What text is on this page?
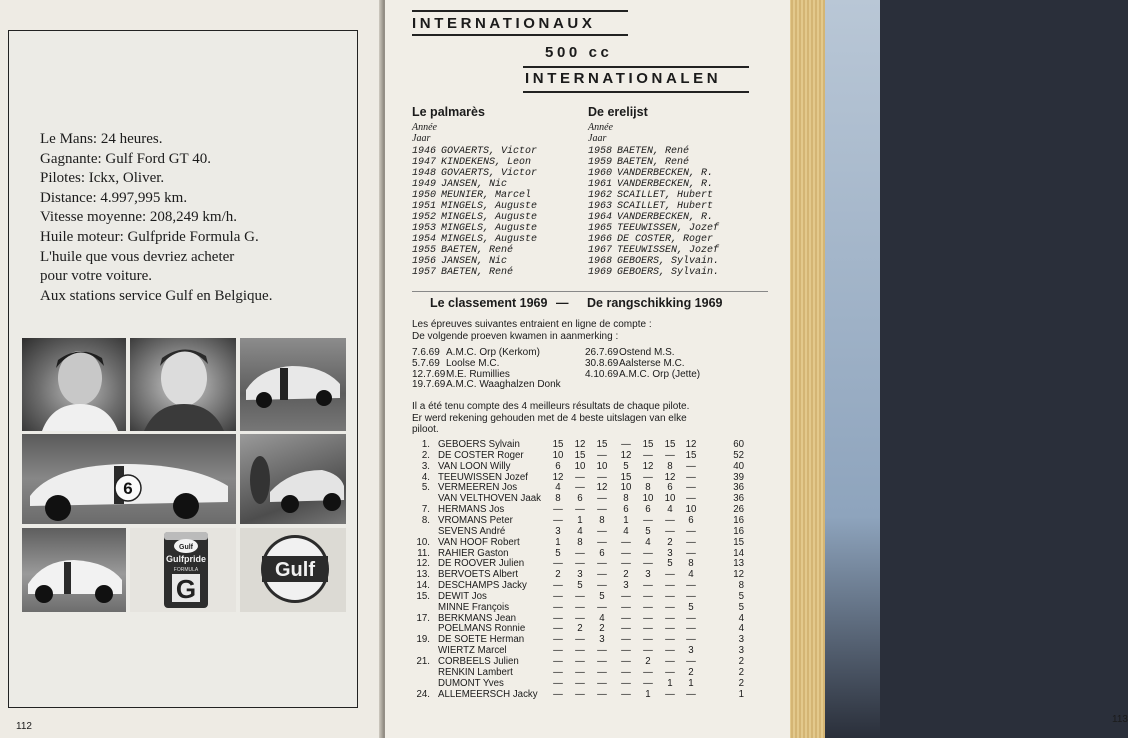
Le Mans: 24 heures.
Gagnante: Gulf Ford GT 40.
Pilotes: Ickx, Oliver.
Distance: 4.997,995 km.
Vitesse moyenne: 208,249 km/h.
Huile moteur: Gulfpride Formula G.
L'huile que vous devriez acheter
pour votre voiture.
Aux stations service Gulf en Belgique.
6
Gulf
Gulfpride
FORMULA
G
Gulf
112
INTERNATIONAUX
500 cc
INTERNATIONALEN
Le palmarès	De erelijst
Année
Jaar
Année
Jaar
1946 GOVAERTS, Victor
1947 KINDEKENS, Leon
1948 GOVAERTS, Victor
1949 JANSEN, Nic
1950 MEUNIER, Marcel
1951 MINGELS, Auguste
1952 MINGELS, Auguste
1953 MINGELS, Auguste
1954 MINGELS, Auguste
1955 BAETEN, René
1956 JANSEN, Nic
1957 BAETEN, René
1958 BAETEN, René
1959 BAETEN, René
1960 VANDERBECKEN, R.
1961 VANDERBECKEN, R.
1962 SCAILLET, Hubert
1963 SCAILLET, Hubert
1964 VANDERBECKEN, R.
1965 TEEUWISSEN, Jozef
1966 DE COSTER, Roger
1967 TEEUWISSEN, Jozef
1968 GEBOERS, Sylvain.
1969 GEBOERS, Sylvain.
Le classement 1969 — De rangschikking 1969
Les épreuves suivantes entraient en ligne de compte :
De volgende proeven kwamen in aanmerking :
7.6.69 A.M.C. Orp (Kerkom)
5.7.69 Loolse M.C.
12.7.69M.E. Rumillies
19.7.69A.M.C. Waaghalzen Donk
26.7.69Ostend M.S.
30.8.69Aalsterse M.C.
4.10.69A.M.C. Orp (Jette)
Il a été tenu compte des 4 meilleurs résultats de chaque pilote.
Er werd rekening gehouden met de 4 beste uitslagen van elke
piloot.
1. GEBOERS Sylvain	15	12	15	—	15	15	12	60
2. DE COSTER Roger	10	15	—	12	—	—	15	52
3. VAN LOON Willy	6	10	10	5	12	8	—	40
4. TEEUWISSEN Jozef	12	—	—	15	—	12	—	39
5. VERMEEREN Jos	4	—	12	10	8	6	—	36
VAN VELTHOVEN Jaak	8	6	—	8	10	10	—	36
7. HERMANS Jos	—	—	—	6	6	4	10	26
8. VROMANS Peter	—	1	8	1	—	—	6	16
SEVENS André	3	4	—	4	5	—	—	16
10. VAN HOOF Robert	1	8	—	—	4	2	—	15
11. RAHIER Gaston	5	—	6	—	—	3	—	14
12. DE ROOVER Julien	—	—	—	—	—	5	8	13
13. BERVOETS Albert	2	3	—	2	3	—	4	12
14. DESCHAMPS Jacky	—	5	—	3	—	—	—	8
15. DEWIT Jos	—	—	5	—	—	—	—	5
MINNE François	—	—	—	—	—	—	5	5
17. BERKMANS Jean	—	—	4	—	—	—	—	4
POELMANS Ronnie	—	2	2	—	—	—	—	4
19. DE SOETE Herman	—	—	3	—	—	—	—	3
WIERTZ Marcel	—	—	—	—	—	—	3	3
21. CORBEELS Julien	—	—	—	—	2	—	—	2
RENKIN Lambert	—	—	—	—	—	—	2	2
DUMONT Yves	—	—	—	—	—	1	1	2
24. ALLEMEERSCH Jacky	—	—	—	—	1	—	—	1
113
